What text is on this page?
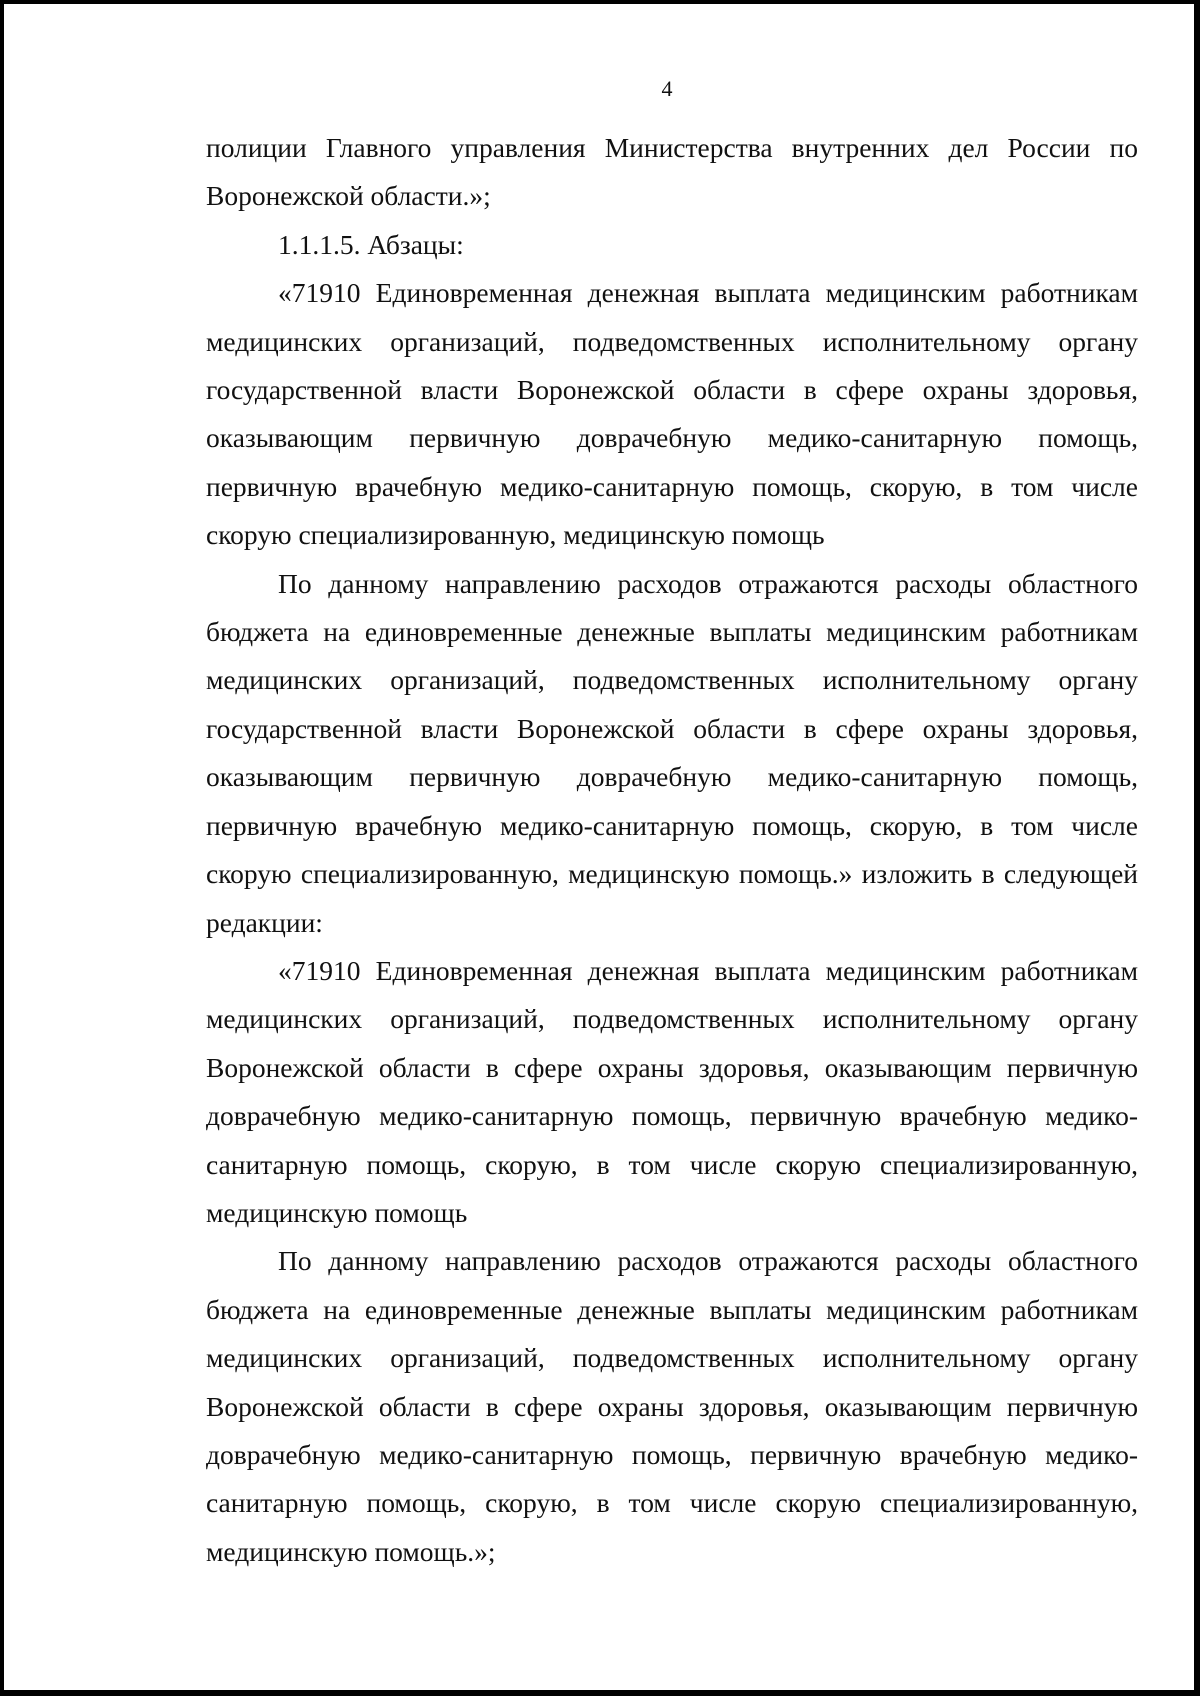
4

полиции Главного управления Министерства внутренних дел России по Воронежской области.»;

1.1.1.5. Абзацы:

«71910 Единовременная денежная выплата медицинским работникам медицинских организаций, подведомственных исполнительному органу государственной власти Воронежской области в сфере охраны здоровья, оказывающим первичную доврачебную медико-санитарную помощь, первичную врачебную медико-санитарную помощь, скорую, в том числе скорую специализированную, медицинскую помощь

По данному направлению расходов отражаются расходы областного бюджета на единовременные денежные выплаты медицинским работникам медицинских организаций, подведомственных исполнительному органу государственной власти Воронежской области в сфере охраны здоровья, оказывающим первичную доврачебную медико-санитарную помощь, первичную врачебную медико-санитарную помощь, скорую, в том числе скорую специализированную, медицинскую помощь.» изложить в следующей редакции:

«71910 Единовременная денежная выплата медицинским работникам медицинских организаций, подведомственных исполнительному органу Воронежской области в сфере охраны здоровья, оказывающим первичную доврачебную медико-санитарную помощь, первичную врачебную медико-санитарную помощь, скорую, в том числе скорую специализированную, медицинскую помощь

По данному направлению расходов отражаются расходы областного бюджета на единовременные денежные выплаты медицинским работникам медицинских организаций, подведомственных исполнительному органу Воронежской области в сфере охраны здоровья, оказывающим первичную доврачебную медико-санитарную помощь, первичную врачебную медико-санитарную помощь, скорую, в том числе скорую специализированную, медицинскую помощь.»;
